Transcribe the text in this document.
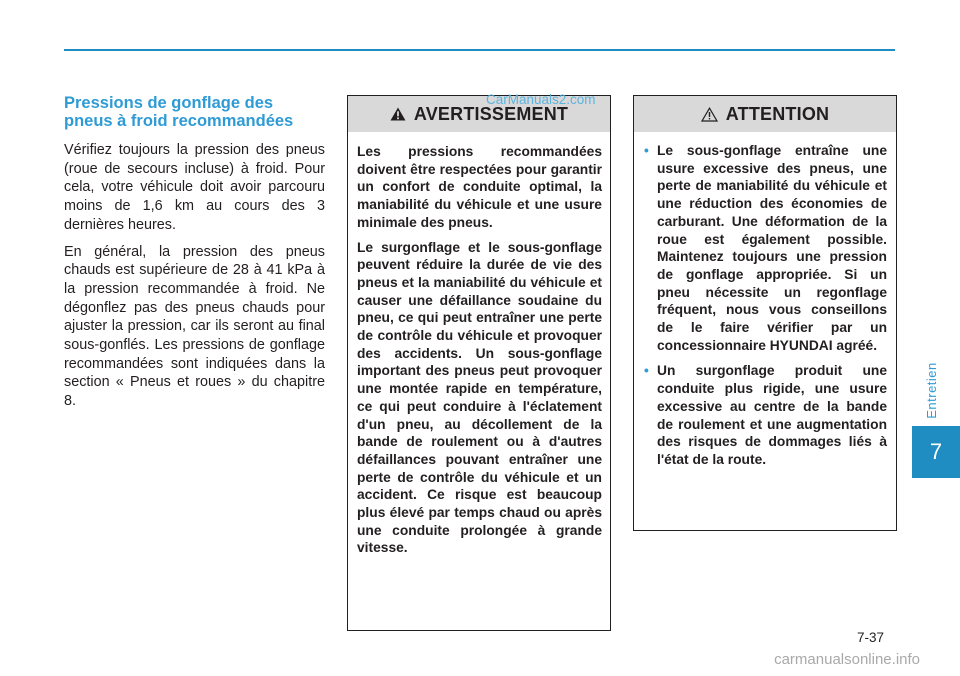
Pressions de gonflage des
pneus à froid recommandées

Vérifiez toujours la pression des pneus (roue de secours incluse) à froid. Pour cela, votre véhicule doit avoir parcouru moins de 1,6 km au cours des 3 dernières heures.

En général, la pression des pneus chauds est supérieure de 28 à 41 kPa à la pression recommandée à froid. Ne dégonflez pas des pneus chauds pour ajuster la pression, car ils seront au final sous-gonflés. Les pressions de gonflage recommandées sont indiquées dans la section « Pneus et roues » du chapitre 8.

AVERTISSEMENT

Les pressions recommandées doivent être respectées pour garantir un confort de conduite optimal, la maniabilité du véhicule et une usure minimale des pneus.

Le surgonflage et le sous-gonflage peuvent réduire la durée de vie des pneus et la maniabilité du véhicule et causer une défaillance soudaine du pneu, ce qui peut entraîner une perte de contrôle du véhicule et provoquer des accidents. Un sous-gonflage important des pneus peut provoquer une montée rapide en température, ce qui peut conduire à l'éclatement d'un pneu, au décollement de la bande de roulement ou à d'autres défaillances pouvant entraîner une perte de contrôle du véhicule et un accident. Ce risque est beaucoup plus élevé par temps chaud ou après une conduite prolongée à grande vitesse.

ATTENTION
• Le sous-gonflage entraîne une usure excessive des pneus, une perte de maniabilité du véhicule et une réduction des économies de carburant. Une déformation de la roue est également possible. Maintenez toujours une pression de gonflage appropriée. Si un pneu nécessite un regonflage fréquent, nous vous conseillons de le faire vérifier par un concessionnaire HYUNDAI agréé.
• Un surgonflage produit une conduite plus rigide, une usure excessive au centre de la bande de roulement et une augmentation des risques de dommages liés à l'état de la route.
CarManuals2.com
Entretien
7
7-37
carmanualsonline.info
